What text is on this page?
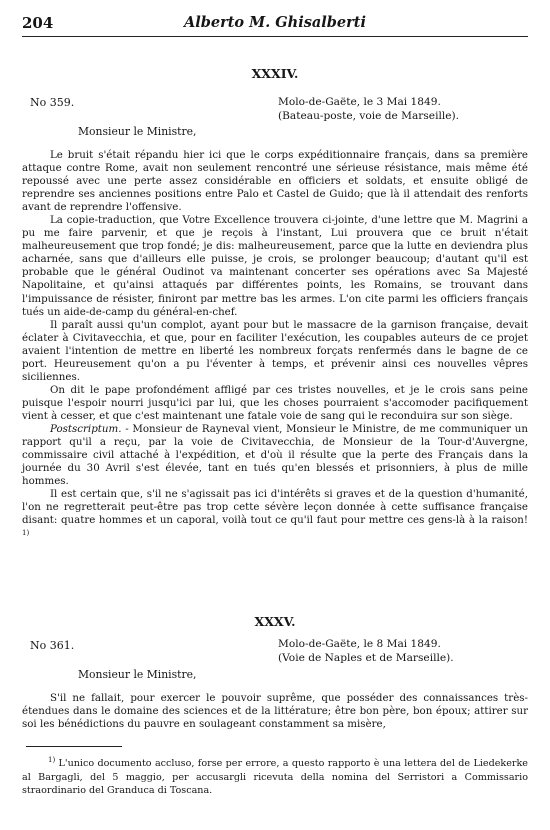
204	Alberto M. Ghisalberti
XXXIV.
No 359.	Molo-de-Gaëte, le 3 Mai 1849.
(Bateau-poste, voie de Marseille).
Monsieur le Ministre,

Le bruit s'était répandu hier ici que le corps expéditionnaire français, dans sa première attaque contre Rome, avait non seulement rencontré une sérieuse résistance, mais même été repoussé avec une perte assez considérable en officiers et soldats, et ensuite obligé de reprendre ses anciennes positions entre Palo et Castel de Guido; que là il attendait des renforts avant de reprendre l'offensive.

La copie-traduction, que Votre Excellence trouvera ci-jointe, d'une lettre que M. Magrini a pu me faire parvenir, et que je reçois à l'instant, Lui prouvera que ce bruit n'était malheureusement que trop fondé; je dis: malheureusement, parce que la lutte en deviendra plus acharnée, sans que d'ailleurs elle puisse, je crois, se prolonger beaucoup; d'autant qu'il est probable que le général Oudinot va maintenant concerter ses opérations avec Sa Majesté Napolitaine, et qu'ainsi attaqués par différentes points, les Romains, se trouvant dans l'impuissance de résister, finiront par mettre bas les armes. L'on cite parmi les officiers français tués un aide-de-camp du général-en-chef.

Il paraît aussi qu'un complot, ayant pour but le massacre de la garnison française, devait éclater à Civitavecchia, et que, pour en faciliter l'exécution, les coupables auteurs de ce projet avaient l'intention de mettre en liberté les nombreux forçats renfermés dans le bagne de ce port. Heureusement qu'on a pu l'éventer à temps, et prévenir ainsi ces nouvelles vêpres siciliennes.

On dit le pape profondément affligé par ces tristes nouvelles, et je le crois sans peine puisque l'espoir nourri jusqu'ici par lui, que les choses pourraient s'accomoder pacifiquement vient à cesser, et que c'est maintenant une fatale voie de sang qui le reconduira sur son siège.

Postscriptum. - Monsieur de Rayneval vient, Monsieur le Ministre, de me communiquer un rapport qu'il a reçu, par la voie de Civitavecchia, de Monsieur de la Tour-d'Auvergne, commissaire civil attaché à l'expédition, et d'où il résulte que la perte des Français dans la journée du 30 Avril s'est élevée, tant en tués qu'en blessés et prisonniers, à plus de mille hommes.

Il est certain que, s'il ne s'agissait pas ici d'intérêts si graves et de la question d'humanité, l'on ne regretterait peut-être pas trop cette sévère leçon donnée à cette suffisance française disant: quatre hommes et un caporal, voilà tout ce qu'il faut pour mettre ces gens-là à la raison! $^{1)}$

XXXV.
No 361.	Molo-de-Gaëte, le 8 Mai 1849.
(Voie de Naples et de Marseille).
Monsieur le Ministre,

S'il ne fallait, pour exercer le pouvoir suprême, que posséder des connaissances très-étendues dans le domaine des sciences et de la littérature; être bon père, bon époux; attirer sur soi les bénédictions du pauvre en soulageant constamment sa misère,

$^{1)}$ L'unico documento accluso, forse per errore, a questo rapporto è una lettera del de Liedekerke al Bargagli, del 5 maggio, per accusargli ricevuta della nomina del Serristori a Commissario straordinario del Granduca di Toscana.
